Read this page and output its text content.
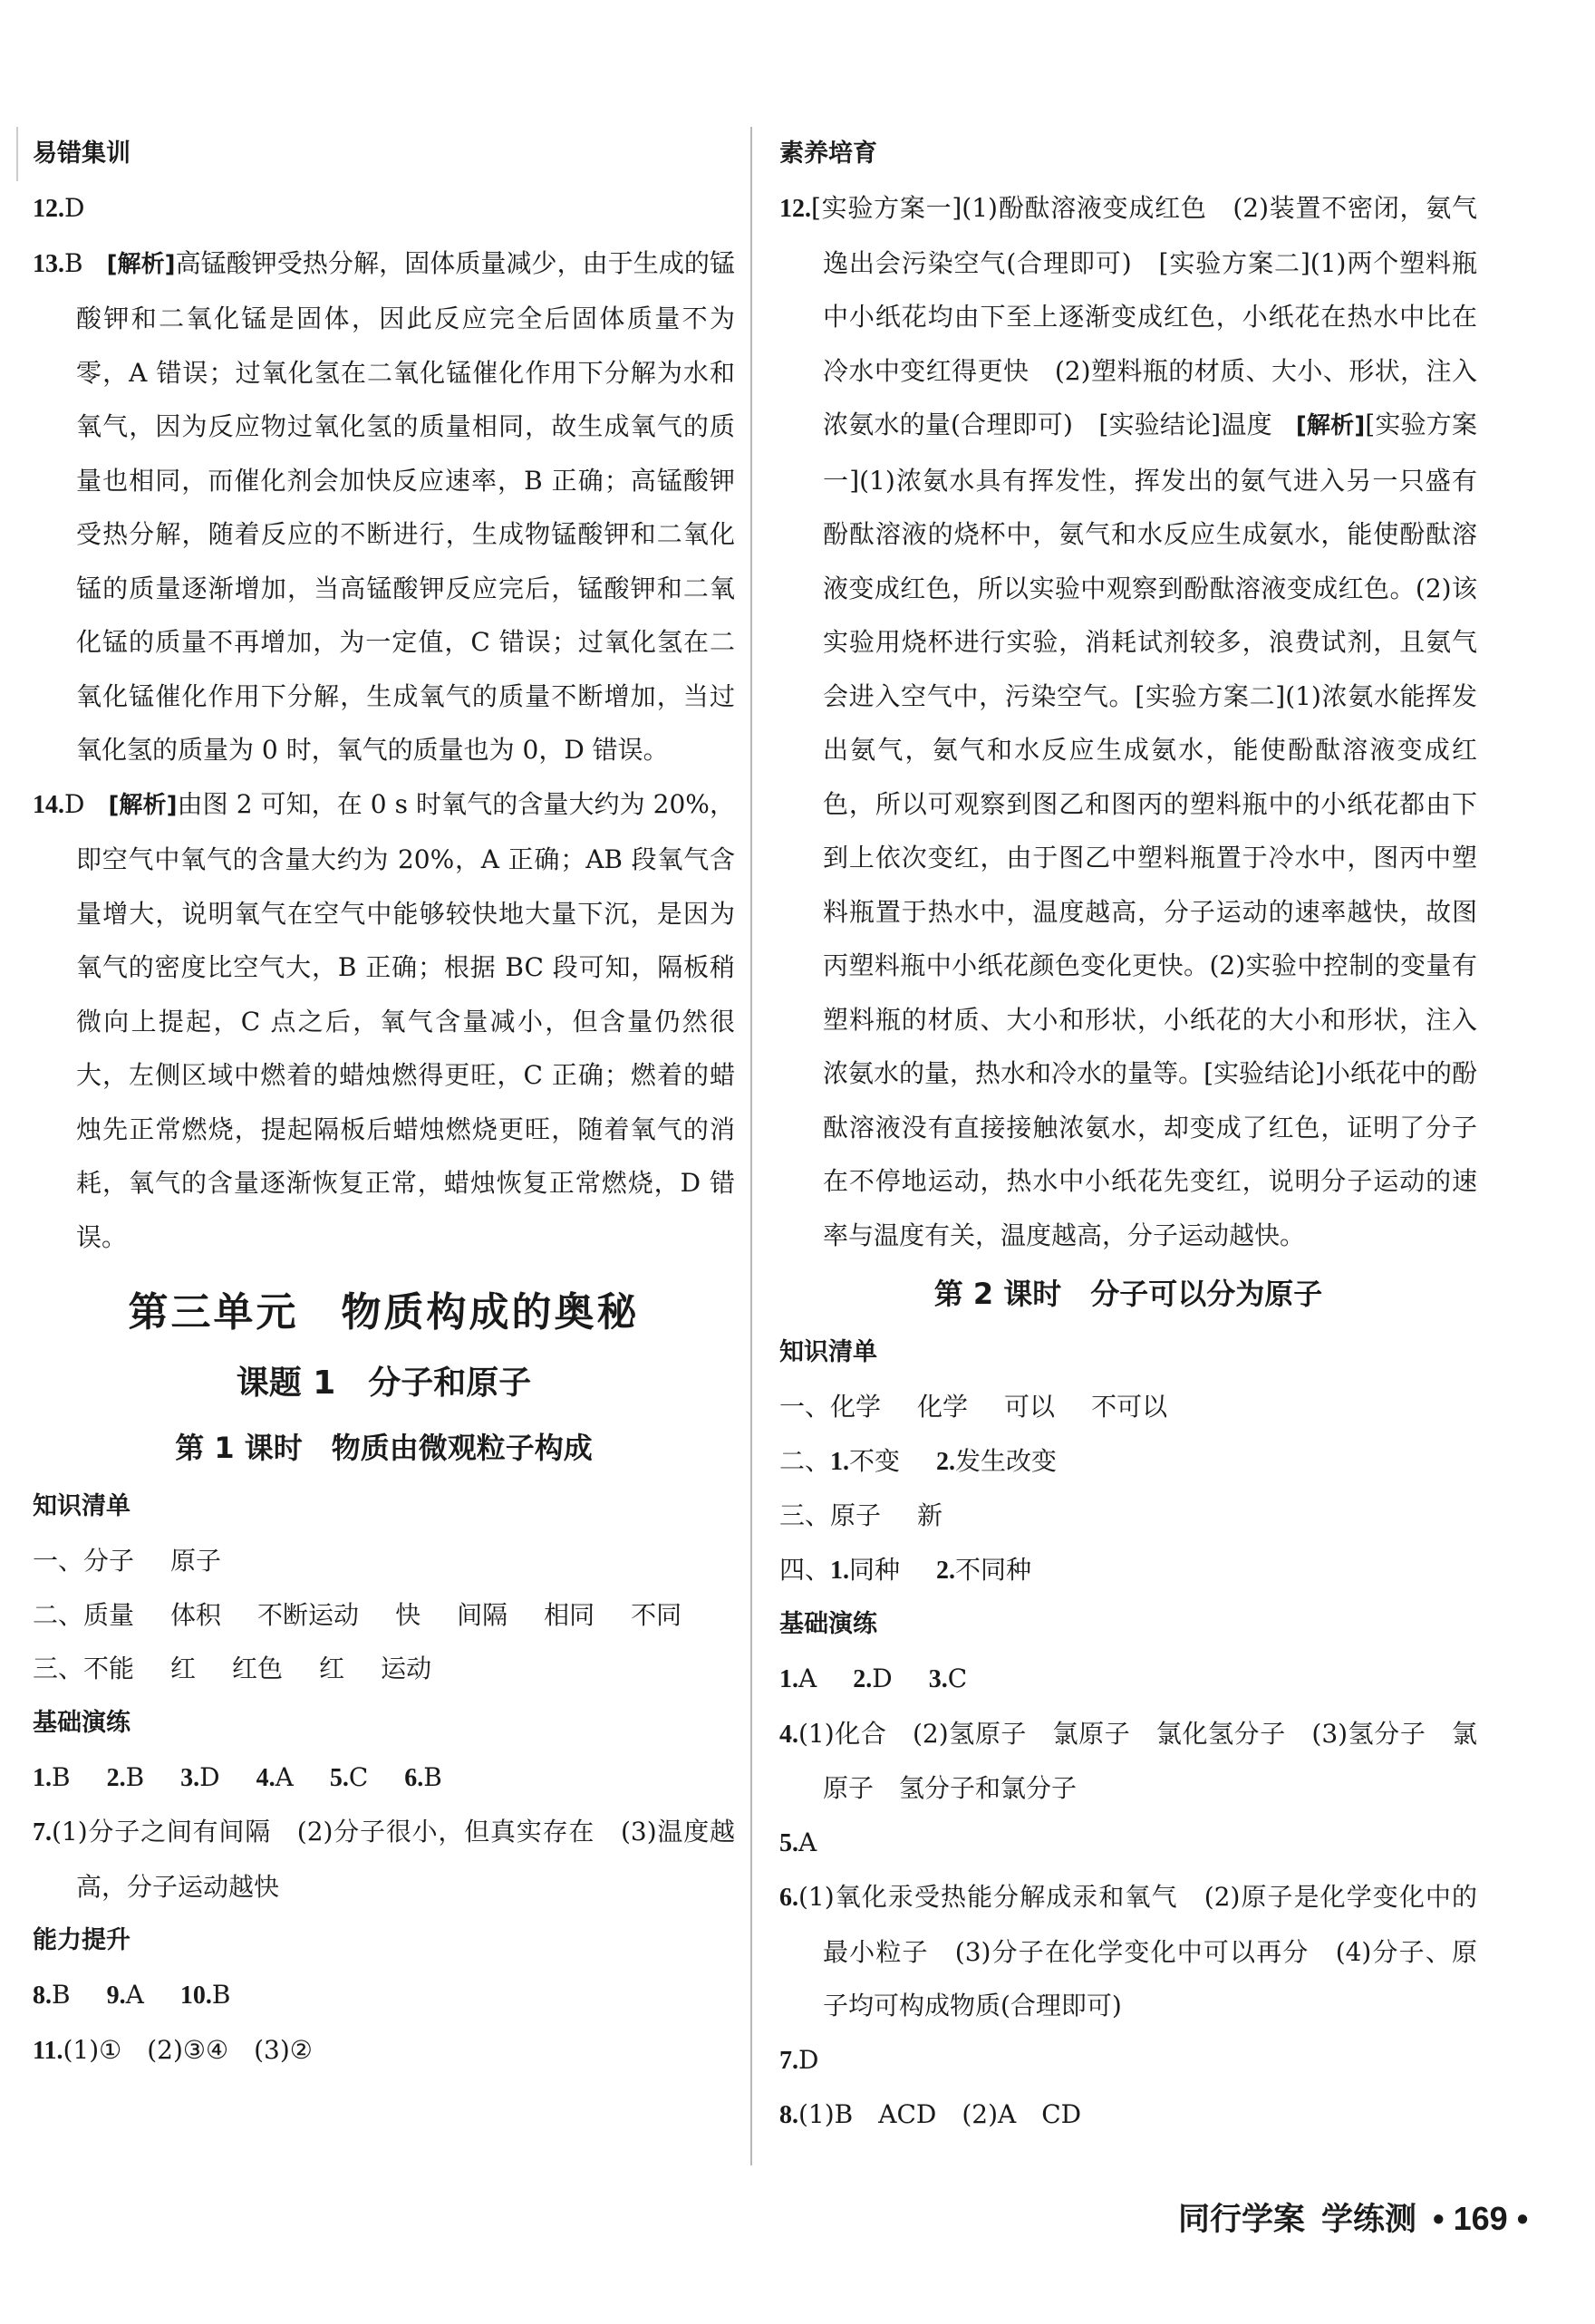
易错集训

12.D

13.B [解析]高锰酸钾受热分解，固体质量减少，由于生成的锰酸钾和二氧化锰是固体，因此反应完全后固体质量不为零，A 错误；过氧化氢在二氧化锰催化作用下分解为水和氧气，因为反应物过氧化氢的质量相同，故生成氧气的质量也相同，而催化剂会加快反应速率，B 正确；高锰酸钾受热分解，随着反应的不断进行，生成物锰酸钾和二氧化锰的质量逐渐增加，当高锰酸钾反应完后，锰酸钾和二氧化锰的质量不再增加，为一定值，C 错误；过氧化氢在二氧化锰催化作用下分解，生成氧气的质量不断增加，当过氧化氢的质量为 0 时，氧气的质量也为 0，D 错误。

14.D [解析]由图 2 可知，在 0 s 时氧气的含量大约为 20%，即空气中氧气的含量大约为 20%，A 正确；AB 段氧气含量增大，说明氧气在空气中能够较快地大量下沉，是因为氧气的密度比空气大，B 正确；根据 BC 段可知，隔板稍微向上提起，C 点之后，氧气含量减小，但含量仍然很大，左侧区域中燃着的蜡烛燃得更旺，C 正确；燃着的蜡烛先正常燃烧，提起隔板后蜡烛燃烧更旺，随着氧气的消耗，氧气的含量逐渐恢复正常，蜡烛恢复正常燃烧，D 错误。

第三单元　物质构成的奥秘
课题 1　分子和原子
第 1 课时　物质由微观粒子构成
知识清单

一、分子 原子

二、质量 体积 不断运动 快 间隔 相同 不同

三、不能 红 红色 红 运动

基础演练

1.B 2.B 3.D 4.A 5.C 6.B

7.(1)分子之间有间隔　(2)分子很小，但真实存在　(3)温度越高，分子运动越快

能力提升

8.B 9.A 10.B

11.(1)①　(2)③④　(3)②

素养培育

12.[实验方案一](1)酚酞溶液变成红色　(2)装置不密闭，氨气逸出会污染空气(合理即可)　[实验方案二](1)两个塑料瓶中小纸花均由下至上逐渐变成红色，小纸花在热水中比在冷水中变红得更快　(2)塑料瓶的材质、大小、形状，注入浓氨水的量(合理即可)　[实验结论]温度 [解析][实验方案一](1)浓氨水具有挥发性，挥发出的氨气进入另一只盛有酚酞溶液的烧杯中，氨气和水反应生成氨水，能使酚酞溶液变成红色，所以实验中观察到酚酞溶液变成红色。(2)该实验用烧杯进行实验，消耗试剂较多，浪费试剂，且氨气会进入空气中，污染空气。[实验方案二](1)浓氨水能挥发出氨气，氨气和水反应生成氨水，能使酚酞溶液变成红色，所以可观察到图乙和图丙的塑料瓶中的小纸花都由下到上依次变红，由于图乙中塑料瓶置于冷水中，图丙中塑料瓶置于热水中，温度越高，分子运动的速率越快，故图丙塑料瓶中小纸花颜色变化更快。(2)实验中控制的变量有塑料瓶的材质、大小和形状，小纸花的大小和形状，注入浓氨水的量，热水和冷水的量等。[实验结论]小纸花中的酚酞溶液没有直接接触浓氨水，却变成了红色，证明了分子在不停地运动，热水中小纸花先变红，说明分子运动的速率与温度有关，温度越高，分子运动越快。

第 2 课时　分子可以分为原子
知识清单

一、化学 化学 可以 不可以

二、1.不变 2.发生改变

三、原子 新

四、1.同种 2.不同种

基础演练

1.A 2.D 3.C

4.(1)化合　(2)氢原子　氯原子　氯化氢分子　(3)氢分子　氯原子　氢分子和氯分子

5.A

6.(1)氧化汞受热能分解成汞和氧气　(2)原子是化学变化中的最小粒子　(3)分子在化学变化中可以再分　(4)分子、原子均可构成物质(合理即可)

7.D

8.(1)B　ACD　(2)A　CD

同行学案 学练测 • 169 •
